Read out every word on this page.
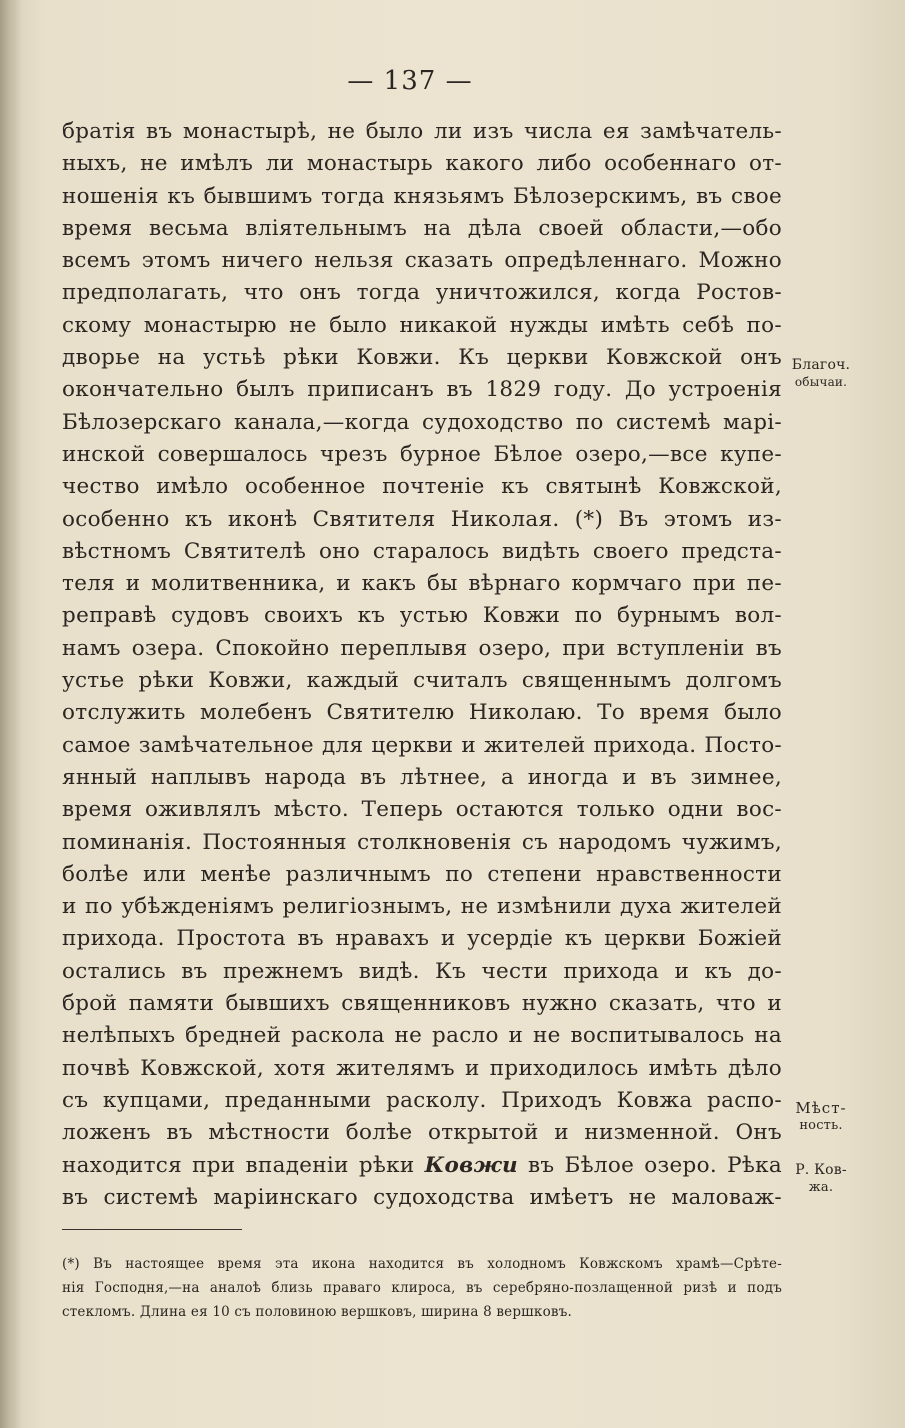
— 137 —
братія въ монастырѣ, не было ли изъ числа ея замѣчатель-
ныхъ, не имѣлъ ли монастырь какого либо особеннаго от-
ношенія къ бывшимъ тогда князьямъ Бѣлозерскимъ, въ свое
время весьма вліятельнымъ на дѣла своей области,—обо
всемъ этомъ ничего нельзя сказать опредѣленнаго. Можно
предполагать, что онъ тогда уничтожился, когда Ростов-
скому монастырю не было никакой нужды имѣть себѣ по-
дворье на устьѣ рѣки Ковжи. Къ церкви Ковжской онъ
окончательно былъ приписанъ въ 1829 году. До устроенія
Бѣлозерскаго канала,—когда судоходство по системѣ марі-
инской совершалось чрезъ бурное Бѣлое озеро,—все купе-
чество имѣло особенное почтеніе къ святынѣ Ковжской,
особенно къ иконѣ Святителя Николая. (*) Въ этомъ из-
вѣстномъ Святителѣ оно старалось видѣть своего предста-
теля и молитвенника, и какъ бы вѣрнаго кормчаго при пе-
реправѣ судовъ своихъ къ устью Ковжи по бурнымъ вол-
намъ озера. Спокойно переплывя озеро, при вступленіи въ
устье рѣки Ковжи, каждый считалъ священнымъ долгомъ
отслужить молебенъ Святителю Николаю. То время было
самое замѣчательное для церкви и жителей прихода. Посто-
янный наплывъ народа въ лѣтнее, а иногда и въ зимнее,
время оживлялъ мѣсто. Теперь остаются только одни вос-
поминанія. Постоянныя столкновенія съ народомъ чужимъ,
болѣе или менѣе различнымъ по степени нравственности
и по убѣжденіямъ религіознымъ, не измѣнили духа жителей
прихода. Простота въ нравахъ и усердіе къ церкви Божіей
остались въ прежнемъ видѣ. Къ чести прихода и къ до-
брой памяти бывшихъ священниковъ нужно сказать, что и
нелѣпыхъ бредней раскола не расло и не воспитывалось на
почвѣ Ковжской, хотя жителямъ и приходилось имѣть дѣло
съ купцами, преданными расколу. Приходъ Ковжа распо-
ложенъ въ мѣстности болѣе открытой и низменной. Онъ
находится при впаденіи рѣки Ковжи въ Бѣлое озеро. Рѣка
въ системѣ маріинскаго судоходства имѣетъ не маловаж-
Благоч.
обычаи.
Мѣст-
ность.
Р. Ков-
жа.
(*) Въ настоящее время эта икона находится въ холодномъ Ковжскомъ храмѣ—Срѣте-
нія Господня,—на аналоѣ близь праваго клироса, въ серебряно-позлащенной ризѣ и подъ
стекломъ. Длина ея 10 съ половиною вершковъ, ширина 8 вершковъ.
